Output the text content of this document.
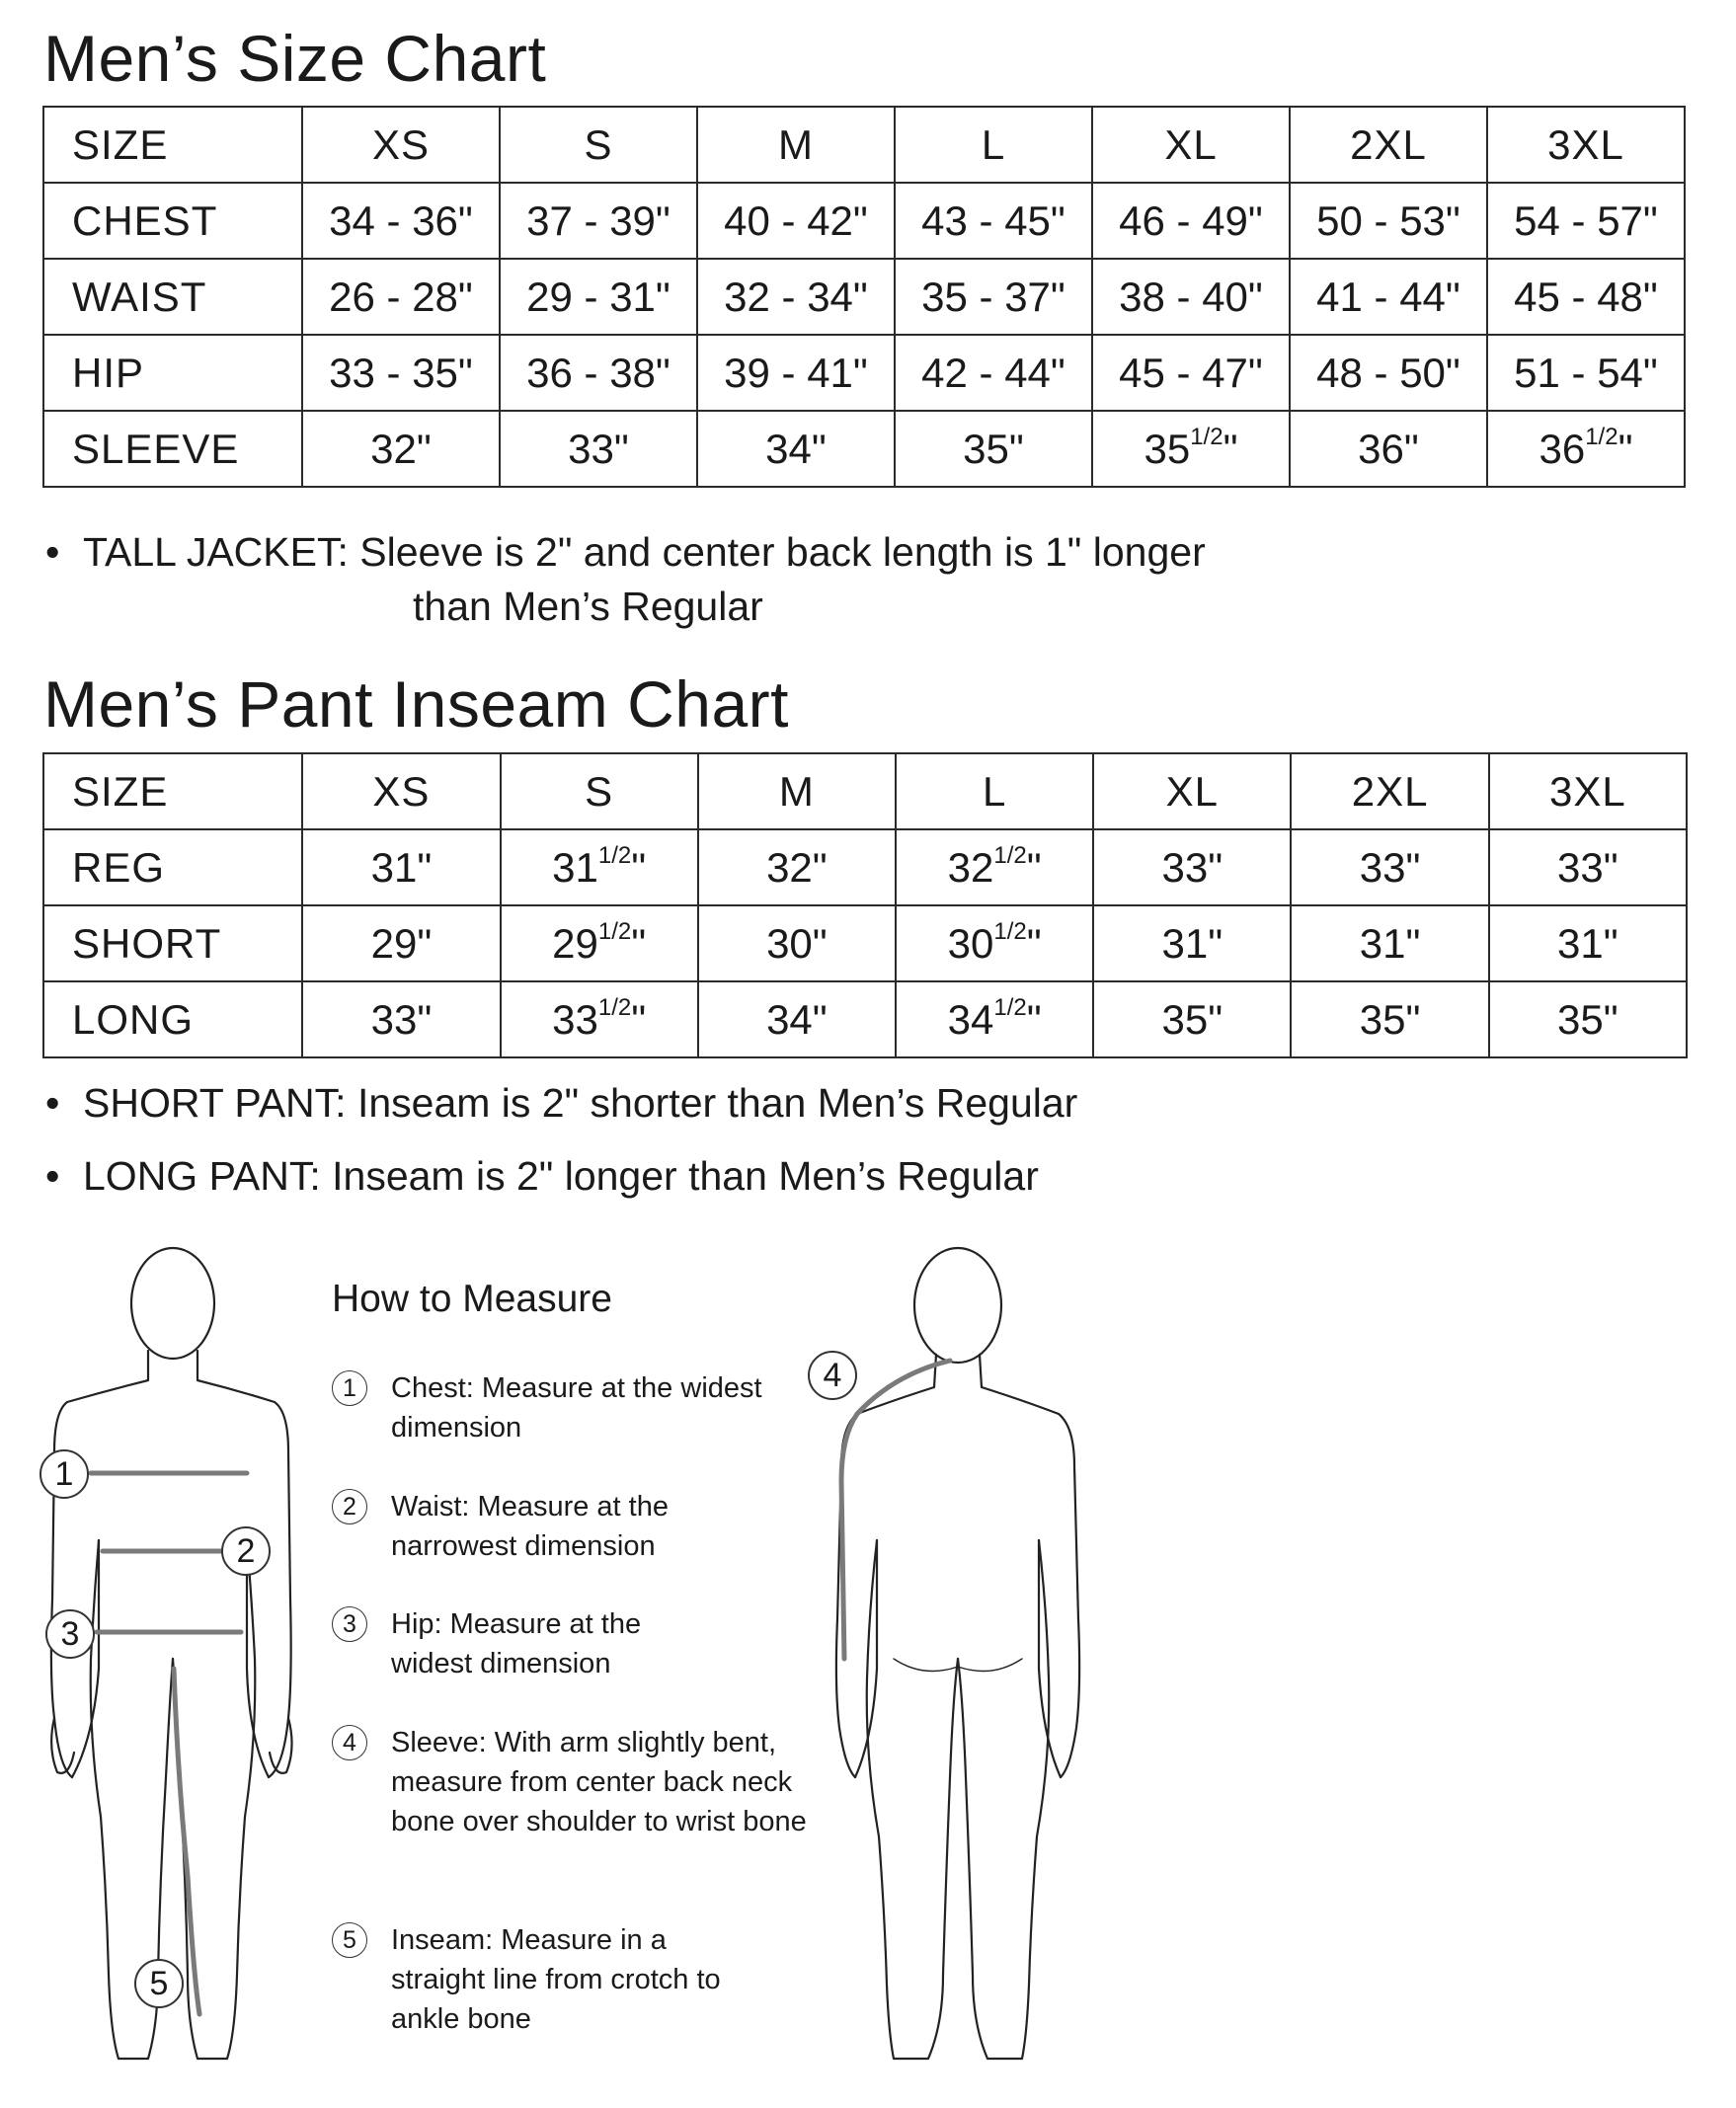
Men’s Size Chart
SIZE	XS	S	M	L	XL	2XL	3XL
CHEST	34 - 36"	37 - 39"	40 - 42"	43 - 45"	46 - 49"	50 - 53"	54 - 57"
WAIST	26 - 28"	29 - 31"	32 - 34"	35 - 37"	38 - 40"	41 - 44"	45 - 48"
HIP	33 - 35"	36 - 38"	39 - 41"	42 - 44"	45 - 47"	48 - 50"	51 - 54"
SLEEVE	32"	33"	34"	35"	$35^{1/2}$"	36"	$36^{1/2}$"
• TALL JACKET: Sleeve is 2" and center back length is 1" longer
than Men’s Regular
Men’s Pant Inseam Chart
SIZE	XS	S	M	L	XL	2XL	3XL
REG	31"	$31^{1/2}$"	32"	$32^{1/2}$"	33"	33"	33"
SHORT	29"	$29^{1/2}$"	30"	$30^{1/2}$"	31"	31"	31"
LONG	33"	$33^{1/2}$"	34"	$34^{1/2}$"	35"	35"	35"
• SHORT PANT: Inseam is 2" shorter than Men’s Regular
• LONG PANT: Inseam is 2" longer than Men’s Regular
1
2
3
5
4
How to Measure
1	Chest: Measure at the widest dimension
2	Waist: Measure at the narrowest dimension
3	Hip: Measure at the widest dimension
4	Sleeve: With arm slightly bent, measure from center back neck bone over shoulder to wrist bone
5	Inseam: Measure in a straight line from crotch to ankle bone
